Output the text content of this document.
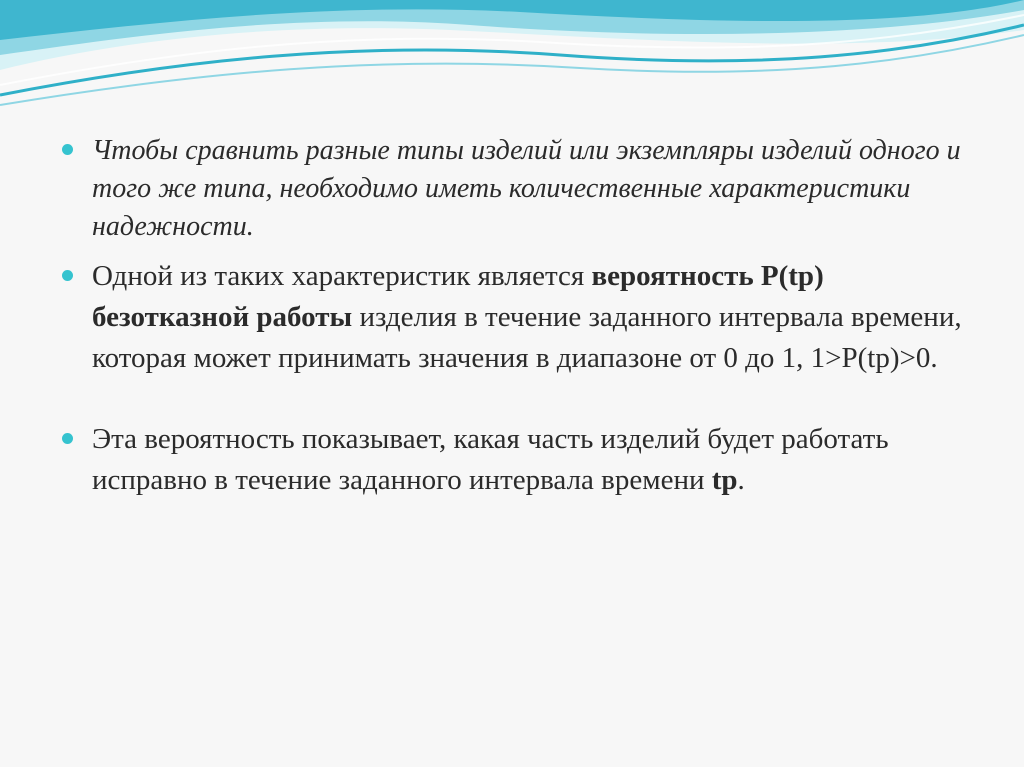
Чтобы сравнить разные типы изделий или экземпляры изделий одного и того же типа, необходимо иметь количественные характеристики надежности.
Одной из таких характеристик является вероятность Р(tр) безотказной работы изделия в течение заданного интервала времени, которая может принимать значения в диапазоне от 0 до 1, 1>Р(tр)>0.
Эта вероятность показывает, какая часть изделий будет работать исправно в течение заданного интервала времени tр.
